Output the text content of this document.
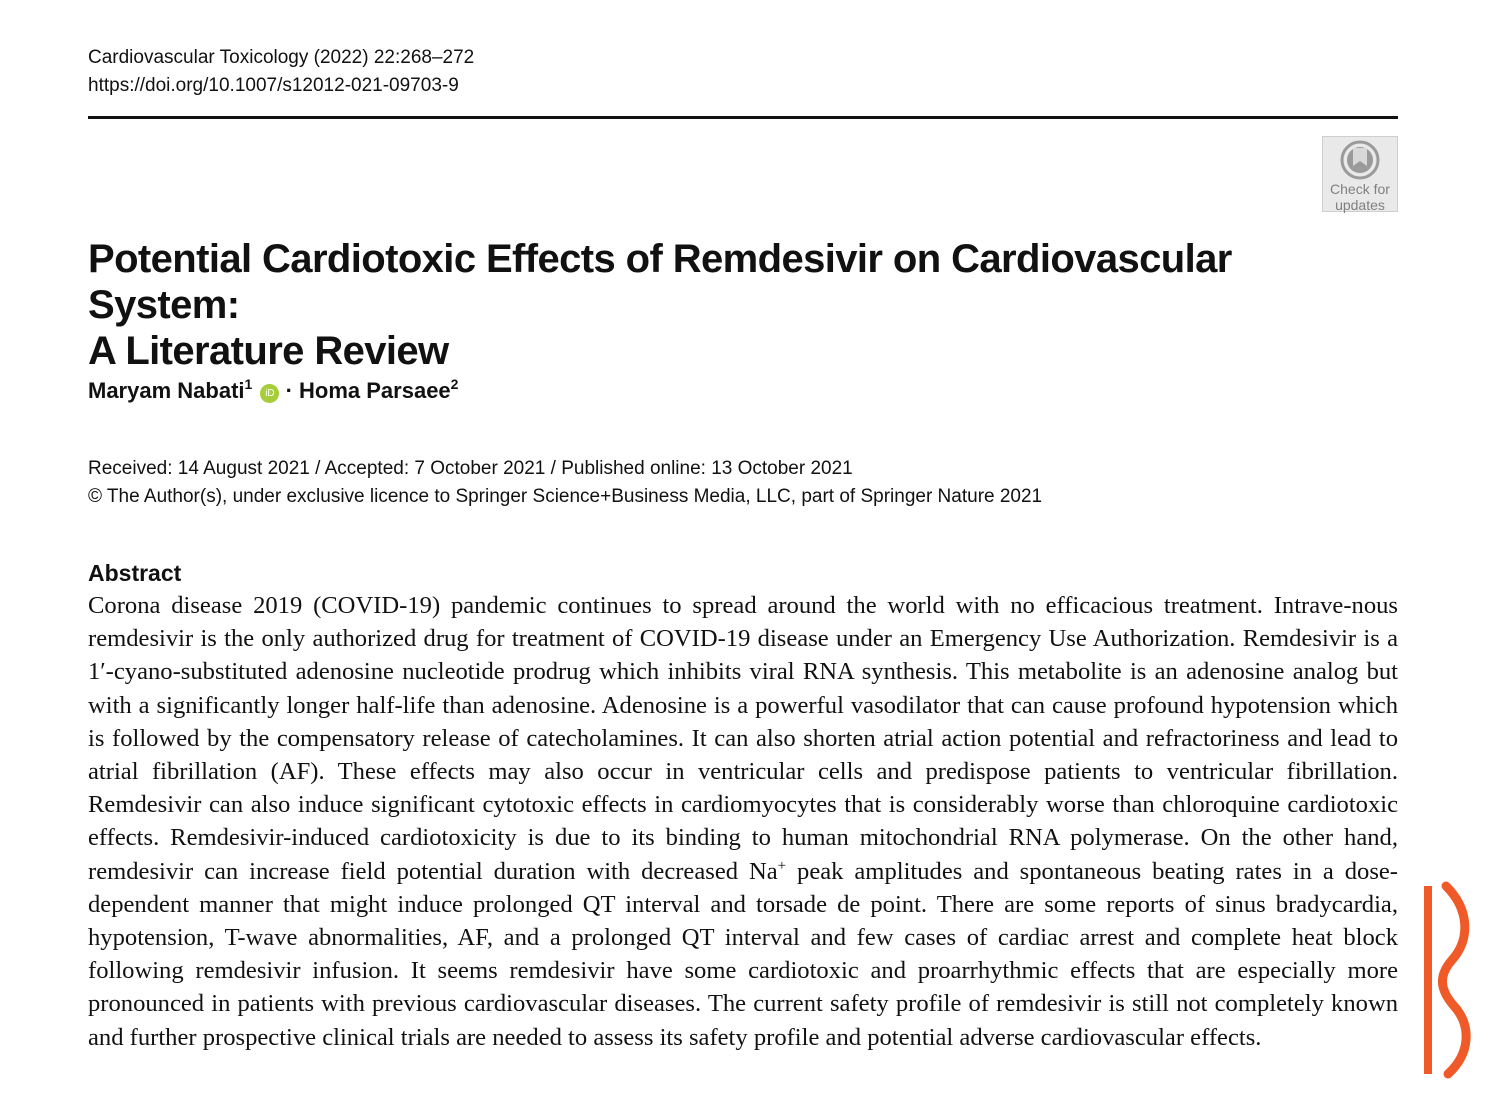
Cardiovascular Toxicology (2022) 22:268–272
https://doi.org/10.1007/s12012-021-09703-9
Check for
updates
Potential Cardiotoxic Effects of Remdesivir on Cardiovascular System:
A Literature Review
Maryam Nabati$^1$ iD · Homa Parsaee$^2$
Received: 14 August 2021 / Accepted: 7 October 2021 / Published online: 13 October 2021
© The Author(s), under exclusive licence to Springer Science+Business Media, LLC, part of Springer Nature 2021
Abstract

Corona disease 2019 (COVID-19) pandemic continues to spread around the world with no efficacious treatment. Intrave-nous remdesivir is the only authorized drug for treatment of COVID-19 disease under an Emergency Use Authorization. Remdesivir is a 1′-cyano-substituted adenosine nucleotide prodrug which inhibits viral RNA synthesis. This metabolite is an adenosine analog but with a significantly longer half-life than adenosine. Adenosine is a powerful vasodilator that can cause profound hypotension which is followed by the compensatory release of catecholamines. It can also shorten atrial action potential and refractoriness and lead to atrial fibrillation (AF). These effects may also occur in ventricular cells and predispose patients to ventricular fibrillation. Remdesivir can also induce significant cytotoxic effects in cardiomyocytes that is considerably worse than chloroquine cardiotoxic effects. Remdesivir-induced cardiotoxicity is due to its binding to human mitochondrial RNA polymerase. On the other hand, remdesivir can increase field potential duration with decreased Na+ peak amplitudes and spontaneous beating rates in a dose-dependent manner that might induce prolonged QT interval and torsade de point. There are some reports of sinus bradycardia, hypotension, T-wave abnormalities, AF, and a prolonged QT interval and few cases of cardiac arrest and complete heat block following remdesivir infusion. It seems remdesivir have some cardiotoxic and proarrhythmic effects that are especially more pronounced in patients with previous cardiovascular diseases. The current safety profile of remdesivir is still not completely known and further prospective clinical trials are needed to assess its safety profile and potential adverse cardiovascular effects.
